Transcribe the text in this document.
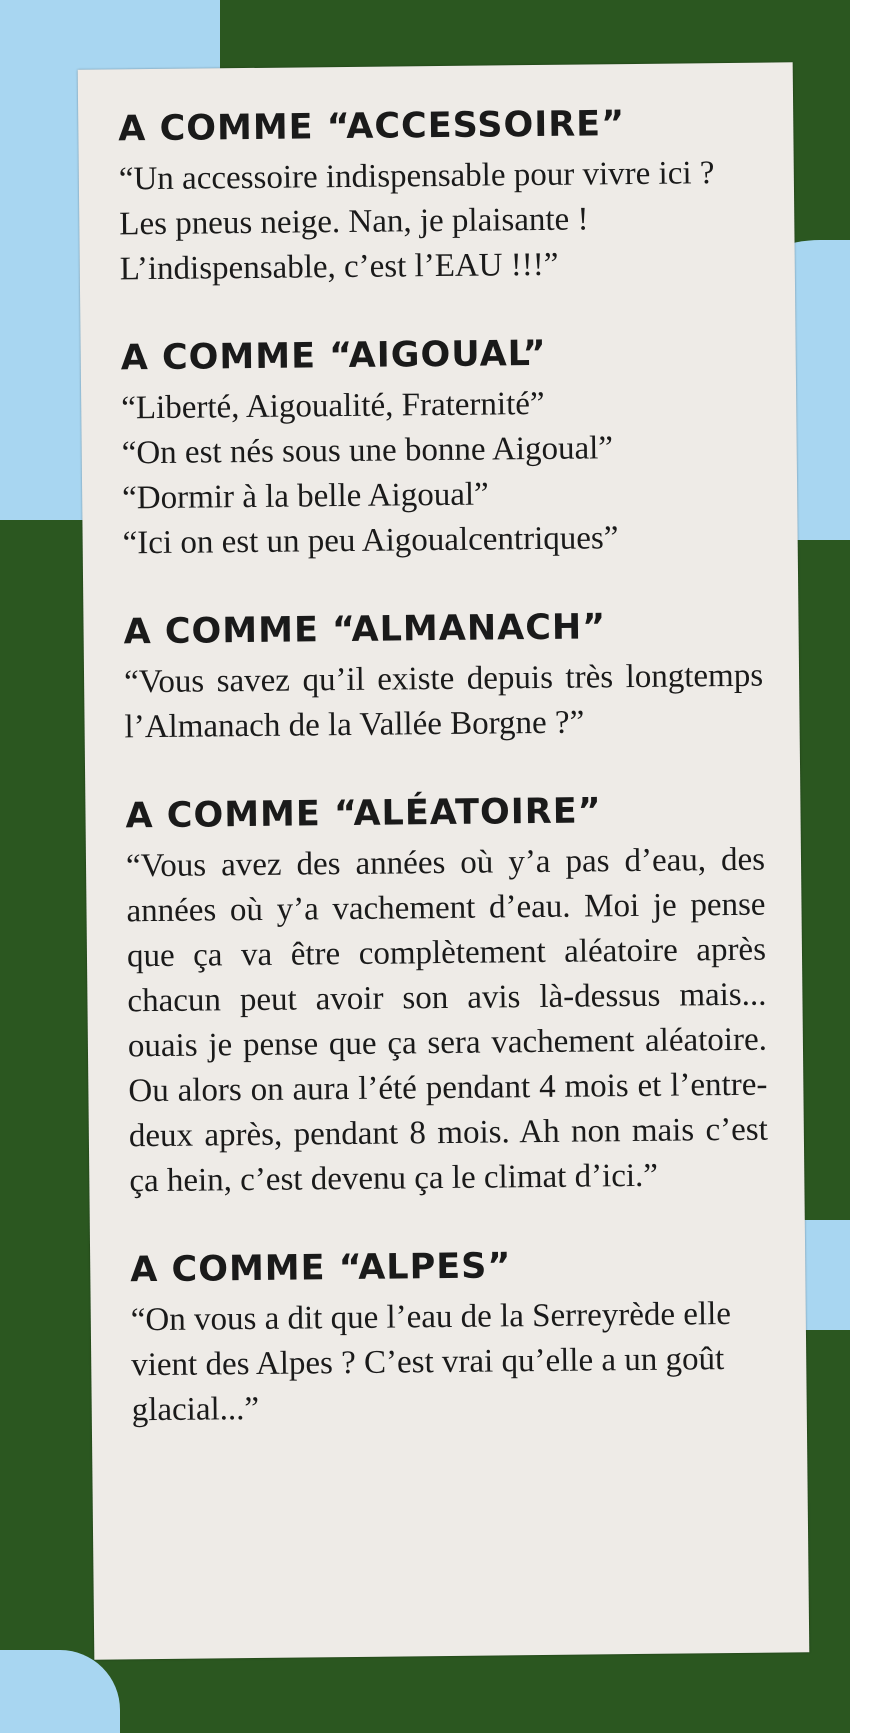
A COMME “ACCESSOIRE”

“Un accessoire indispensable pour vivre ici ? Les pneus neige. Nan, je plaisante ! L’indispensable, c’est l’EAU !!!”

A COMME “AIGOUAL”

“Liberté, Aigoualité, Fraternité”

“On est nés sous une bonne Aigoual”

“Dormir à la belle Aigoual”

“Ici on est un peu Aigoualcentriques”

A COMME “ALMANACH”

“Vous savez qu’il existe depuis très longtemps l’Almanach de la Vallée Borgne ?”

A COMME “ALÉATOIRE”

“Vous avez des années où y’a pas d’eau, des années où y’a vachement d’eau. Moi je pense que ça va être complètement aléatoire après chacun peut avoir son avis là-dessus mais... ouais je pense que ça sera vachement aléatoire. Ou alors on aura l’été pendant 4 mois et l’entre-deux après, pendant 8 mois. Ah non mais c’est ça hein, c’est devenu ça le climat d’ici.”

A COMME “ALPES”

“On vous a dit que l’eau de la Serreyrède elle vient des Alpes ? C’est vrai qu’elle a un goût glacial...”
